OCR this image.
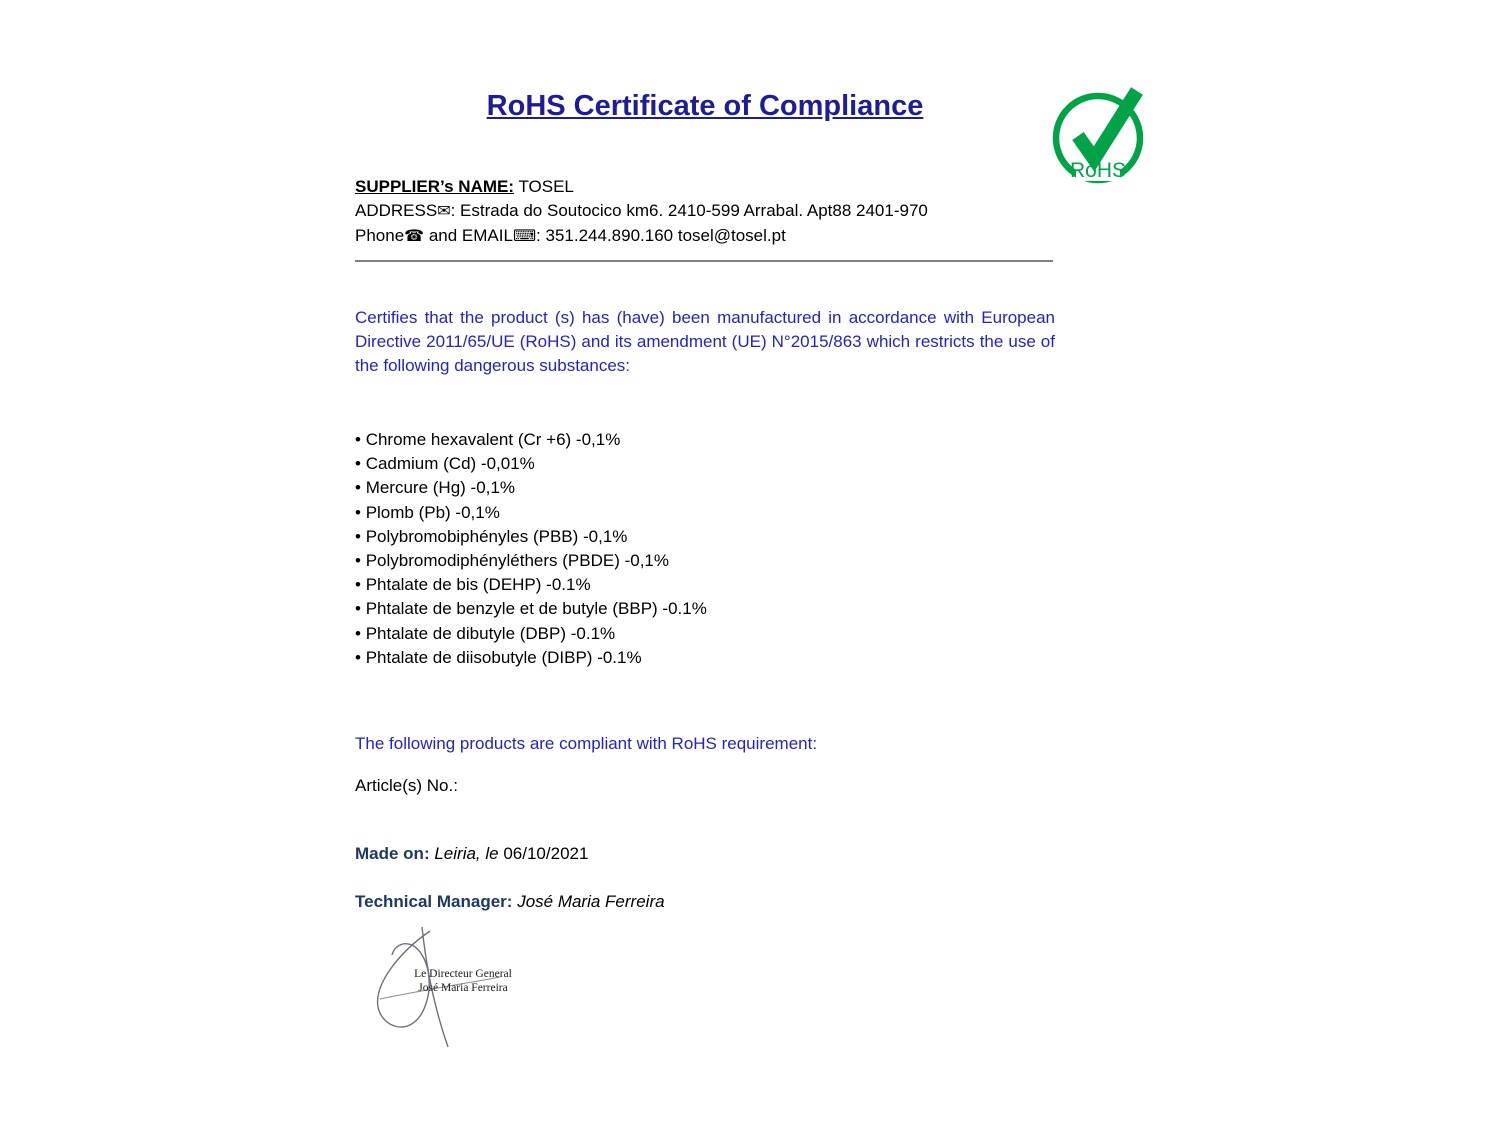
RoHS Certificate of Compliance
RoHS

SUPPLIER’s NAME: TOSEL

ADDRESS✉: Estrada do Soutocico km6. 2410-599 Arrabal. Apt88 2401-970

Phone☎ and EMAIL⌨: 351.244.890.160 tosel@tosel.pt

Certifies that the product (s) has (have) been manufactured in accordance with European Directive 2011/65/UE (RoHS) and its amendment (UE) N°2015/863 which restricts the use of the following dangerous substances:

• Chrome hexavalent (Cr +6) -0,1%
• Cadmium (Cd) -0,01%
• Mercure (Hg) -0,1%
• Plomb (Pb) -0,1%
• Polybromobiphényles (PBB) -0,1%
• Polybromodiphényléthers (PBDE) -0,1%
• Phtalate de bis (DEHP) -0.1%
• Phtalate de benzyle et de butyle (BBP) -0.1%
• Phtalate de dibutyle (DBP) -0.1%
• Phtalate de diisobutyle (DIBP) -0.1%

The following products are compliant with RoHS requirement:

Article(s) No.:

Made on: Leiria, le 06/10/2021

Technical Manager: José Maria Ferreira

Le Directeur General
José Maria Ferreira
